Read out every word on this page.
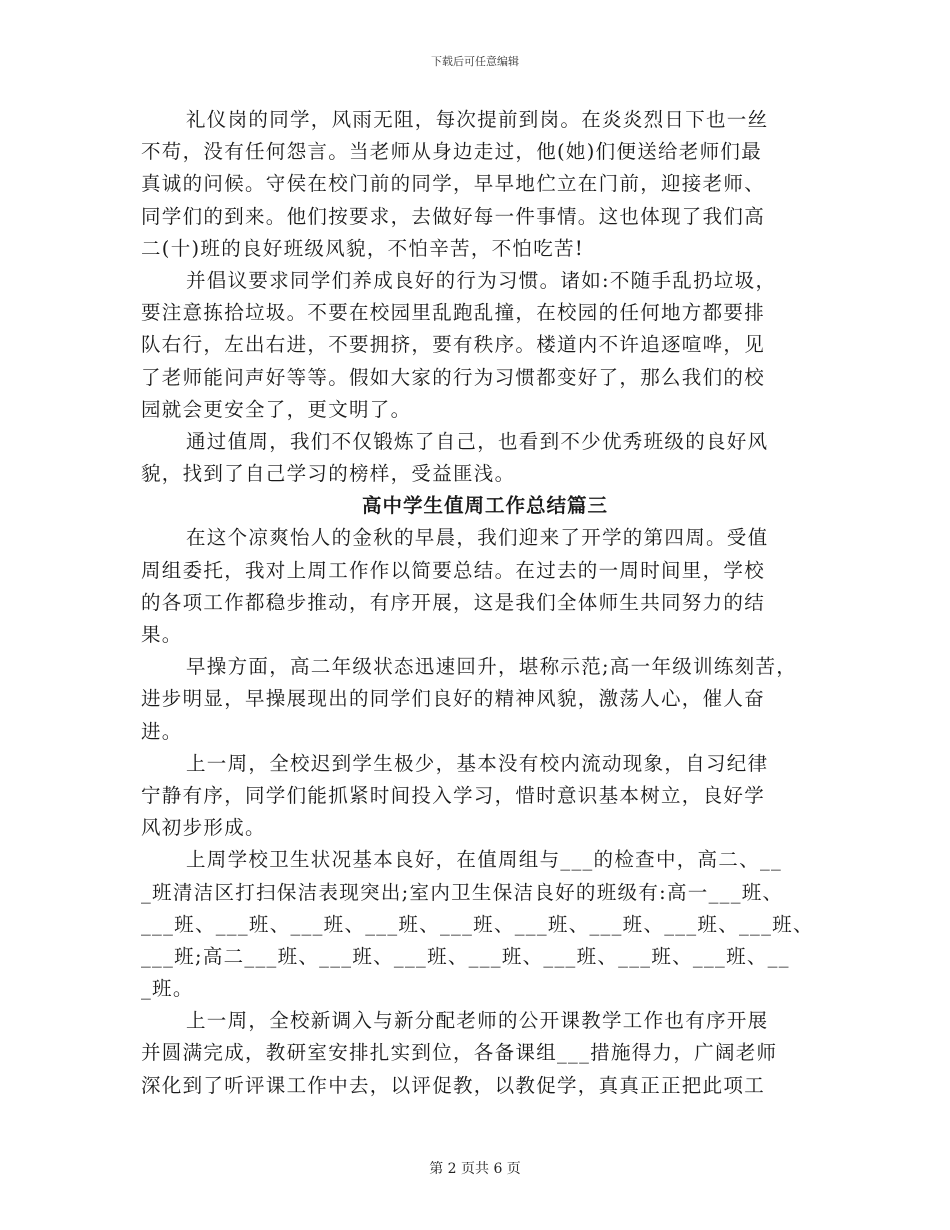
下载后可任意编辑
礼仪岗的同学，风雨无阻，每次提前到岗。在炎炎烈日下也一丝
不苟，没有任何怨言。当老师从身边走过，他(她)们便送给老师们最
真诚的问候。守侯在校门前的同学，早早地伫立在门前，迎接老师、
同学们的到来。他们按要求，去做好每一件事情。这也体现了我们高
二(十)班的良好班级风貌，不怕辛苦，不怕吃苦!
并倡议要求同学们养成良好的行为习惯。诸如:不随手乱扔垃圾，
要注意拣拾垃圾。不要在校园里乱跑乱撞，在校园的任何地方都要排
队右行，左出右进，不要拥挤，要有秩序。楼道内不许追逐喧哗，见
了老师能问声好等等。假如大家的行为习惯都变好了，那么我们的校
园就会更安全了，更文明了。
通过值周，我们不仅锻炼了自己，也看到不少优秀班级的良好风
貌，找到了自己学习的榜样，受益匪浅。
高中学生值周工作总结篇三
在这个凉爽怡人的金秋的早晨，我们迎来了开学的第四周。受值
周组委托，我对上周工作作以简要总结。在过去的一周时间里，学校
的各项工作都稳步推动，有序开展，这是我们全体师生共同努力的结
果。
早操方面，高二年级状态迅速回升，堪称示范;高一年级训练刻苦，
进步明显，早操展现出的同学们良好的精神风貌，激荡人心，催人奋
进。
上一周，全校迟到学生极少，基本没有校内流动现象，自习纪律
宁静有序，同学们能抓紧时间投入学习，惜时意识基本树立，良好学
风初步形成。
上周学校卫生状况基本良好，在值周组与___的检查中，高二、__
_班清洁区打扫保洁表现突出;室内卫生保洁良好的班级有:高一___班、
___班、___班、___班、___班、___班、___班、___班、___班、___班、
___班;高二___班、___班、___班、___班、___班、___班、___班、__
_班。
上一周，全校新调入与新分配老师的公开课教学工作也有序开展
并圆满完成，教研室安排扎实到位，各备课组___措施得力，广阔老师
深化到了听评课工作中去，以评促教，以教促学，真真正正把此项工
第 2 页共 6 页
